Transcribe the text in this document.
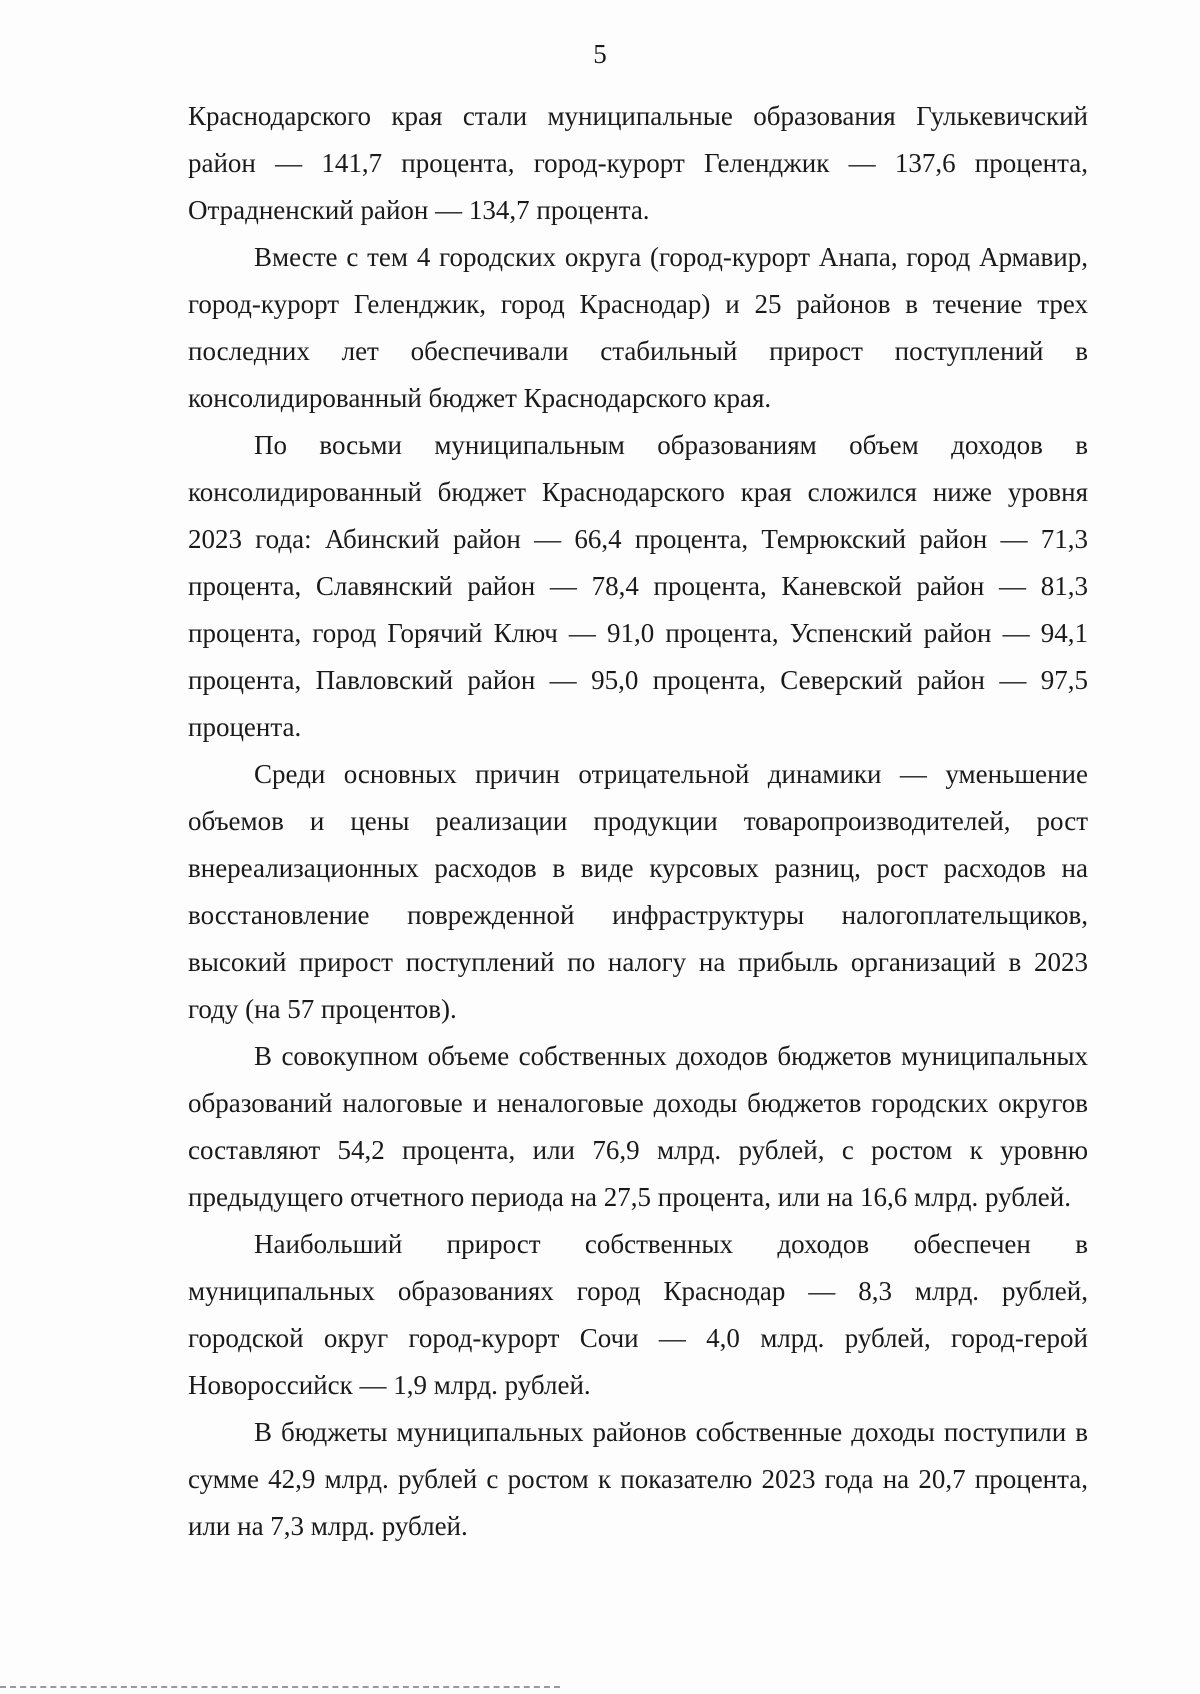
5

Краснодарского края стали муниципальные образования Гулькевичский район — 141,7 процента, город-курорт Геленджик — 137,6 процента, Отрадненский район — 134,7 процента.

Вместе с тем 4 городских округа (город-курорт Анапа, город Армавир, город-курорт Геленджик, город Краснодар) и 25 районов в течение трех последних лет обеспечивали стабильный прирост поступлений в консолидированный бюджет Краснодарского края.

По восьми муниципальным образованиям объем доходов в консолидированный бюджет Краснодарского края сложился ниже уровня 2023 года: Абинский район — 66,4 процента, Темрюкский район — 71,3 процента, Славянский район — 78,4 процента, Каневской район — 81,3 процента, город Горячий Ключ — 91,0 процента, Успенский район — 94,1 процента, Павловский район — 95,0 процента, Северский район — 97,5 процента.

Среди основных причин отрицательной динамики — уменьшение объемов и цены реализации продукции товаропроизводителей, рост внереализационных расходов в виде курсовых разниц, рост расходов на восстановление поврежденной инфраструктуры налогоплательщиков, высокий прирост поступлений по налогу на прибыль организаций в 2023 году (на 57 процентов).

В совокупном объеме собственных доходов бюджетов муниципальных образований налоговые и неналоговые доходы бюджетов городских округов составляют 54,2 процента, или 76,9 млрд. рублей, с ростом к уровню предыдущего отчетного периода на 27,5 процента, или на 16,6 млрд. рублей.

Наибольший прирост собственных доходов обеспечен в муниципальных образованиях город Краснодар — 8,3 млрд. рублей, городской округ город-курорт Сочи — 4,0 млрд. рублей, город-герой Новороссийск — 1,9 млрд. рублей.

В бюджеты муниципальных районов собственные доходы поступили в сумме 42,9 млрд. рублей с ростом к показателю 2023 года на 20,7 процента, или на 7,3 млрд. рублей.
